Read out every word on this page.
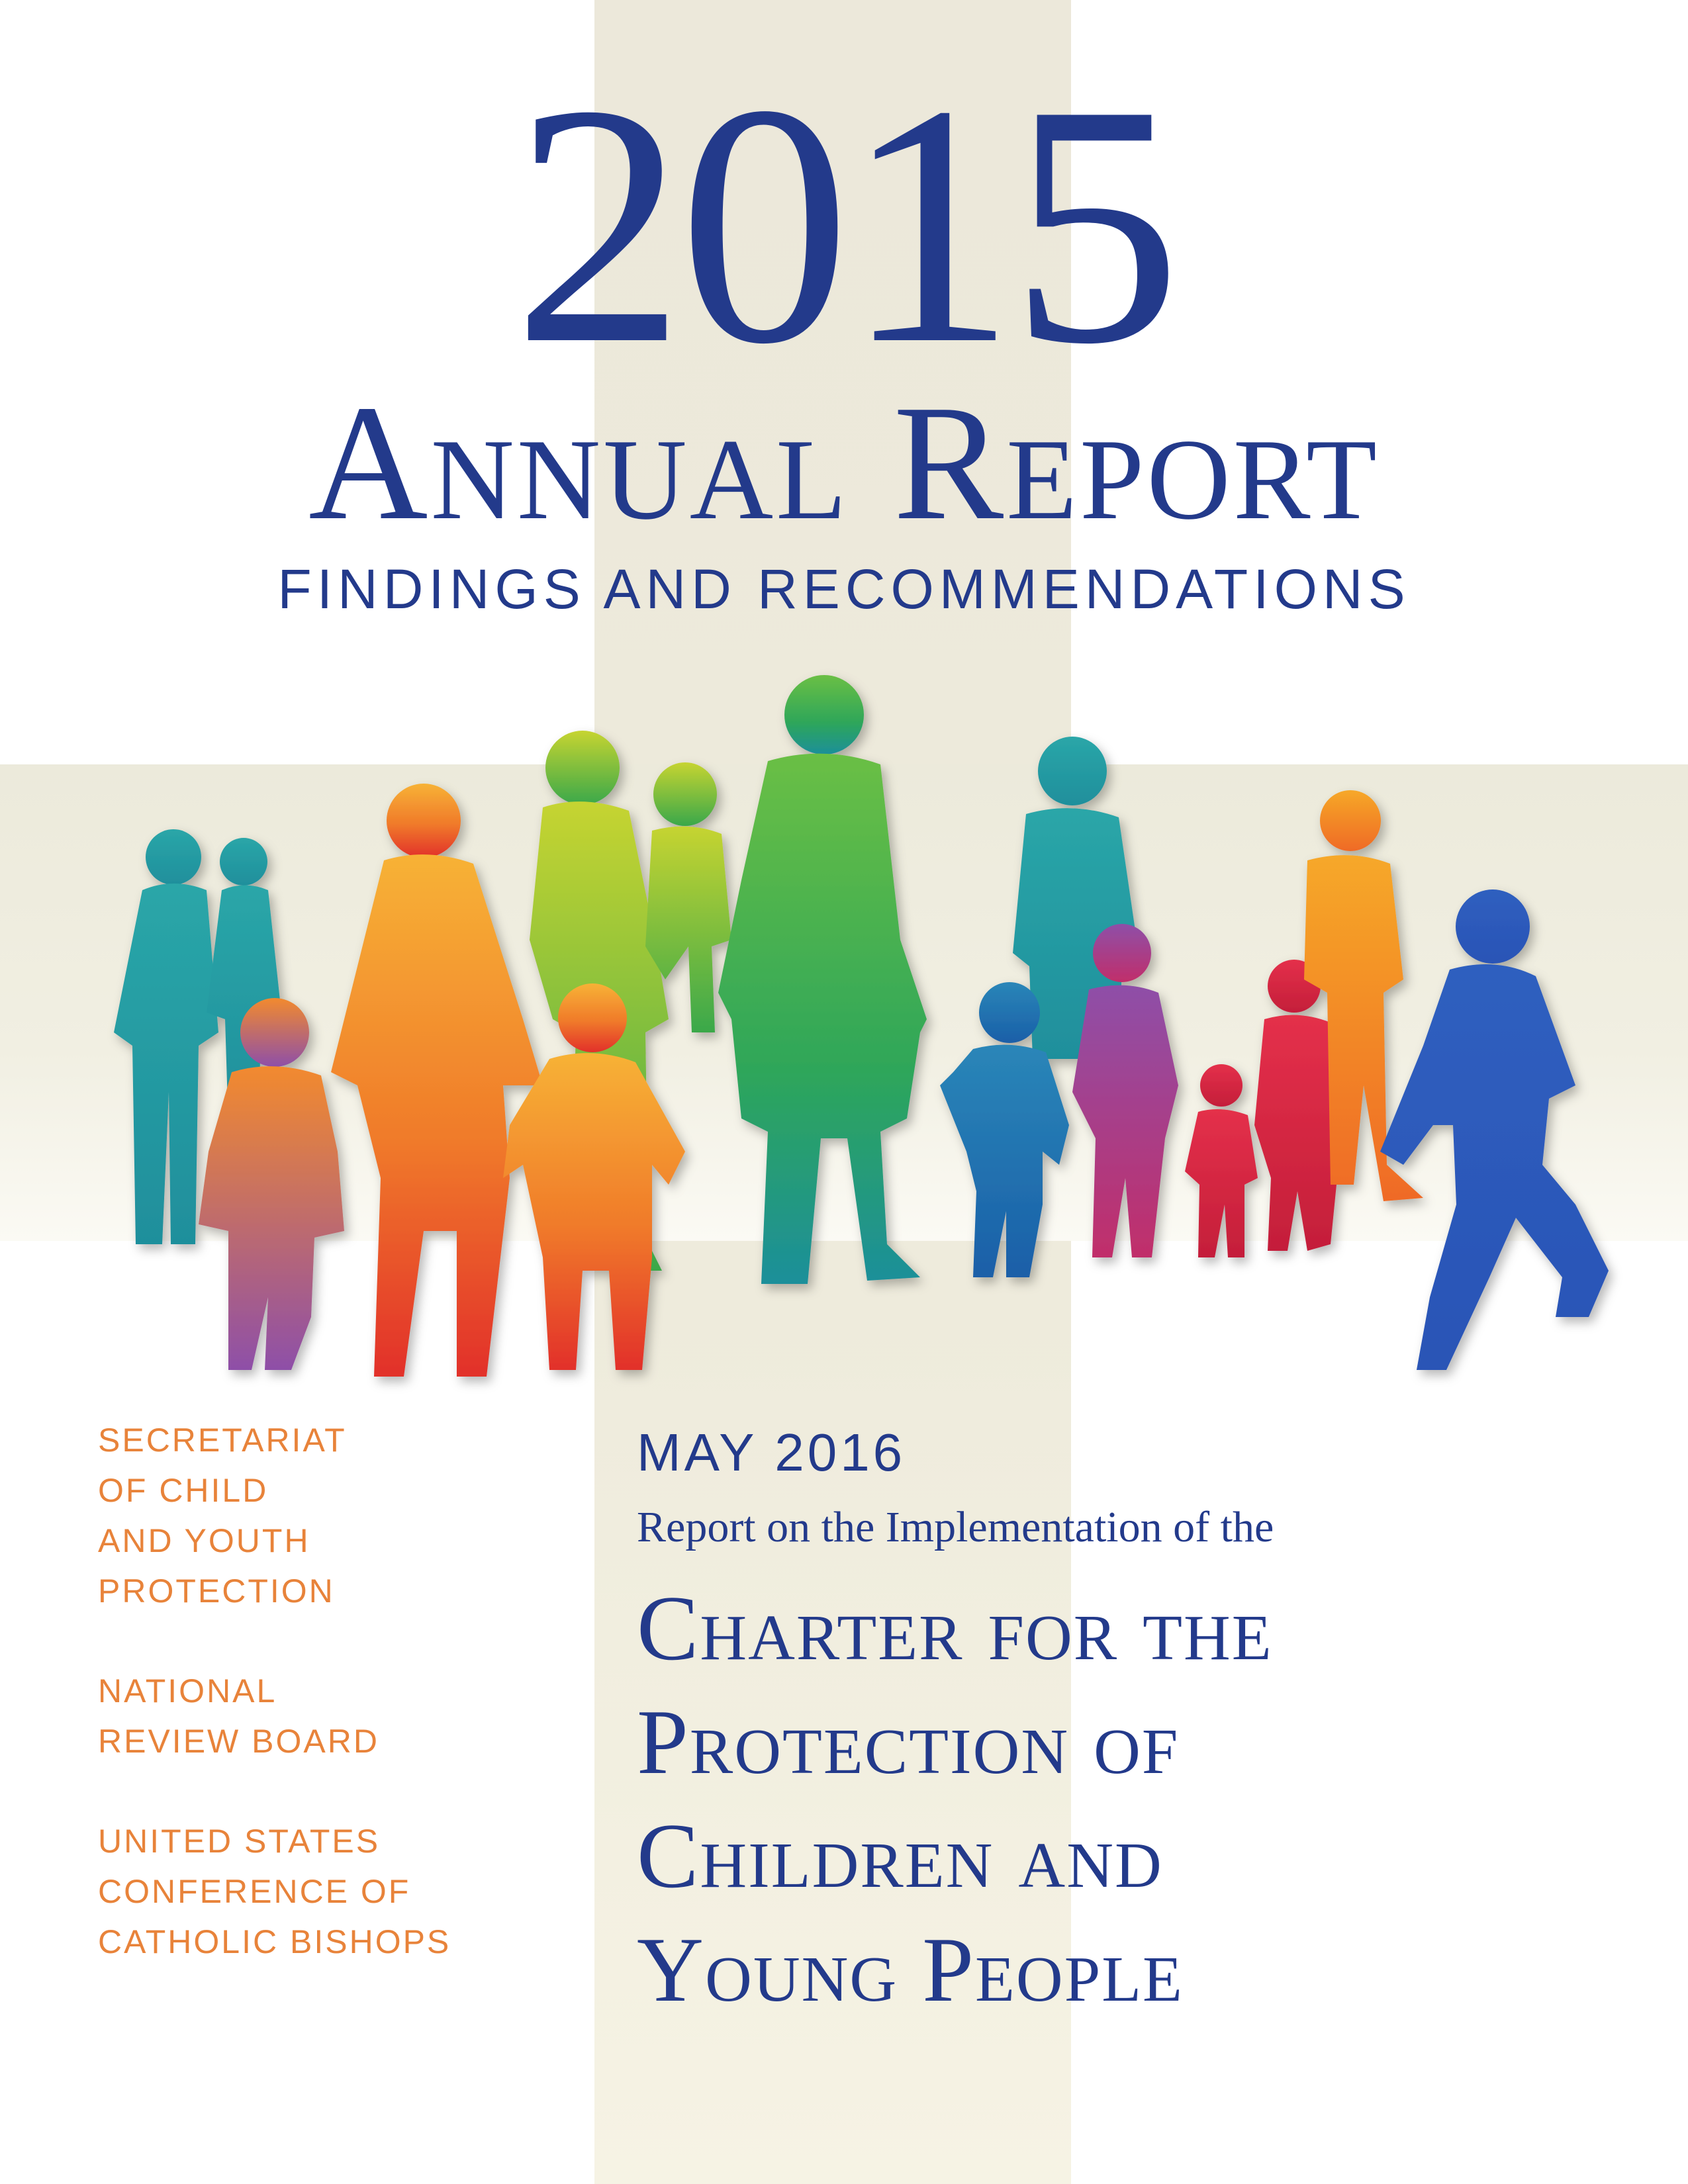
2015
Annual Report
FINDINGS AND RECOMMENDATIONS
SECRETARIAT
OF CHILD
AND YOUTH
PROTECTION
NATIONAL
REVIEW BOARD
UNITED STATES
CONFERENCE OF
CATHOLIC BISHOPS
MAY 2016
Report on the Implementation of the
Charter for the
Protection of
Children and
Young People
